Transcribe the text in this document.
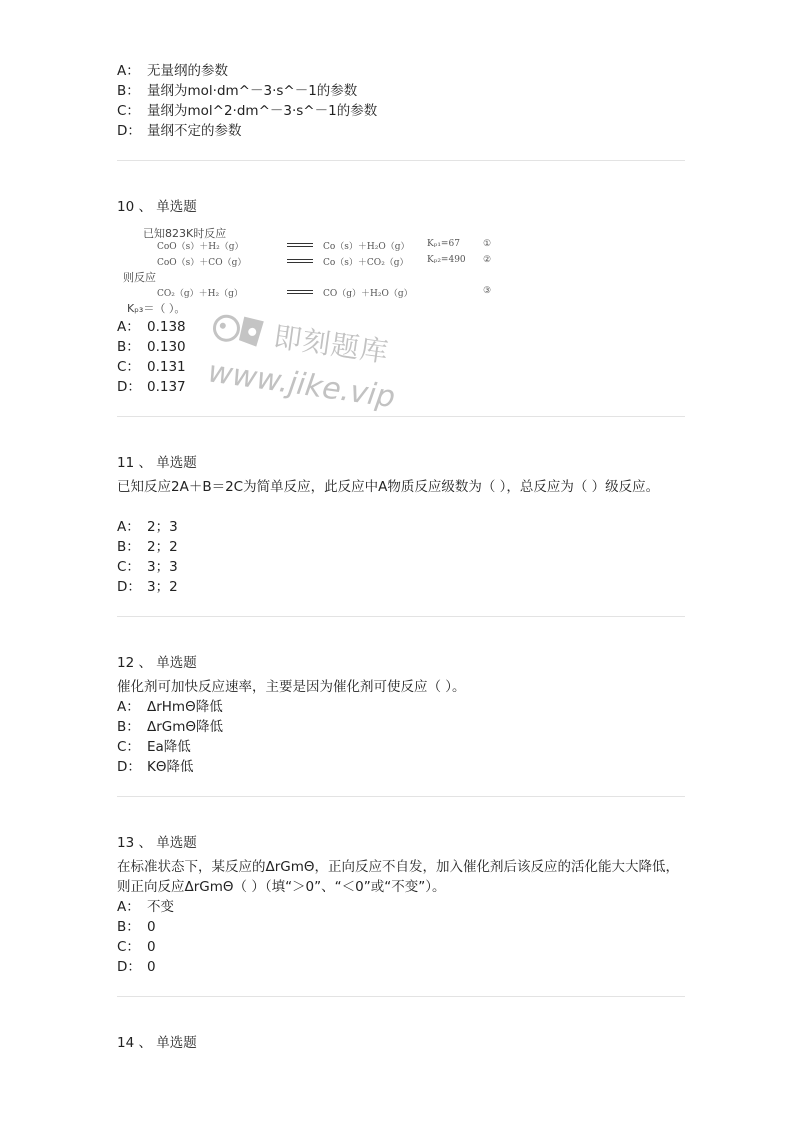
A： 无量纲的参数
B： 量纲为mol·dm^－3·s^－1的参数
C： 量纲为mol^2·dm^－3·s^－1的参数
D： 量纲不定的参数
10 、 单选题
已知823K时反应
CoO（s）＋H₂（g）	Co（s）＋H₂O（g） Kₚ₁=67	①
CoO（s）＋CO（g）	Co（s）＋CO₂（g） Kₚ₂=490 ②
则反应
CO₂（g）＋H₂（g）	CO（g）＋H₂O（g）	③
Kₚ₃＝（ ）。
A： 0.138
B： 0.130
C： 0.131
D： 0.137
11 、 单选题
已知反应2A＋B＝2C为简单反应，此反应中A物质反应级数为（ ），总反应为（ ）级反应。
A： 2；3
B： 2；2
C： 3；3
D： 3；2
12 、 单选题
催化剂可加快反应速率，主要是因为催化剂可使反应（ ）。
A： ΔrHmΘ降低
B： ΔrGmΘ降低
C： Ea降低
D： KΘ降低
13 、 单选题
在标准状态下，某反应的ΔrGmΘ，正向反应不自发，加入催化剂后该反应的活化能大大降低，则正向反应ΔrGmΘ（ ）（填“＞0”、“＜0”或“不变”）。
A： 不变
B： 0
C： 0
D： 0
14 、 单选题
即刻题库
www.jike.vip
